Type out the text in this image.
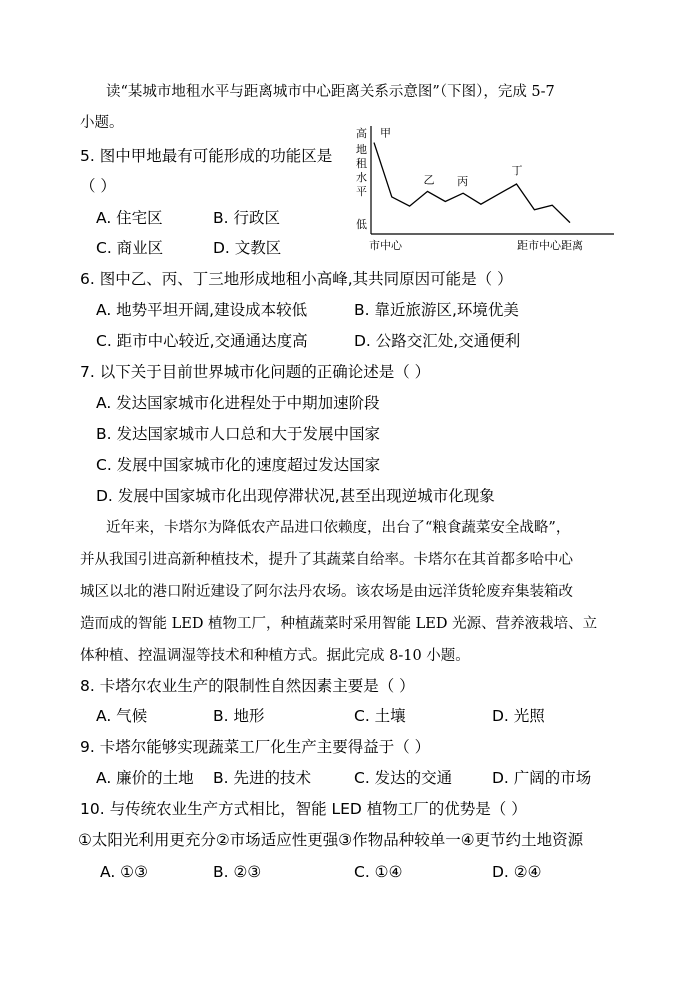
读“某城市地租水平与距离城市中心距离关系示意图”（下图），完成 5-7
小题。
5. 图中甲地最有可能形成的功能区是
（ ）
A. 住宅区	B. 行政区
C. 商业区	D. 文教区
高
地
租
水
平
低
市中心	距市中心距离
甲
乙 丙
丁
6. 图中乙、丙、丁三地形成地租小高峰,其共同原因可能是（ ）
A. 地势平坦开阔,建设成本较低	B. 靠近旅游区,环境优美
C. 距市中心较近,交通通达度高	D. 公路交汇处,交通便利
7. 以下关于目前世界城市化问题的正确论述是（ ）
A. 发达国家城市化进程处于中期加速阶段
B. 发达国家城市人口总和大于发展中国家
C. 发展中国家城市化的速度超过发达国家
D. 发展中国家城市化出现停滞状况,甚至出现逆城市化现象
近年来，卡塔尔为降低农产品进口依赖度，出台了“粮食蔬菜安全战略”，
并从我国引进高新种植技术，提升了其蔬菜自给率。卡塔尔在其首都多哈中心
城区以北的港口附近建设了阿尔法丹农场。该农场是由远洋货轮废弃集装箱改
造而成的智能 LED 植物工厂，种植蔬菜时采用智能 LED 光源、营养液栽培、立
体种植、控温调湿等技术和种植方式。据此完成 8-10 小题。
8. 卡塔尔农业生产的限制性自然因素主要是（ ）
A. 气候	B. 地形	C. 土壤	D. 光照
9. 卡塔尔能够实现蔬菜工厂化生产主要得益于（ ）
A. 廉价的土地 B. 先进的技术	C. 发达的交通	D. 广阔的市场
10. 与传统农业生产方式相比，智能 LED 植物工厂的优势是（ ）
①太阳光利用更充分②市场适应性更强③作物品种较单一④更节约土地资源
A. ①③	B. ②③	C. ①④	D. ②④
